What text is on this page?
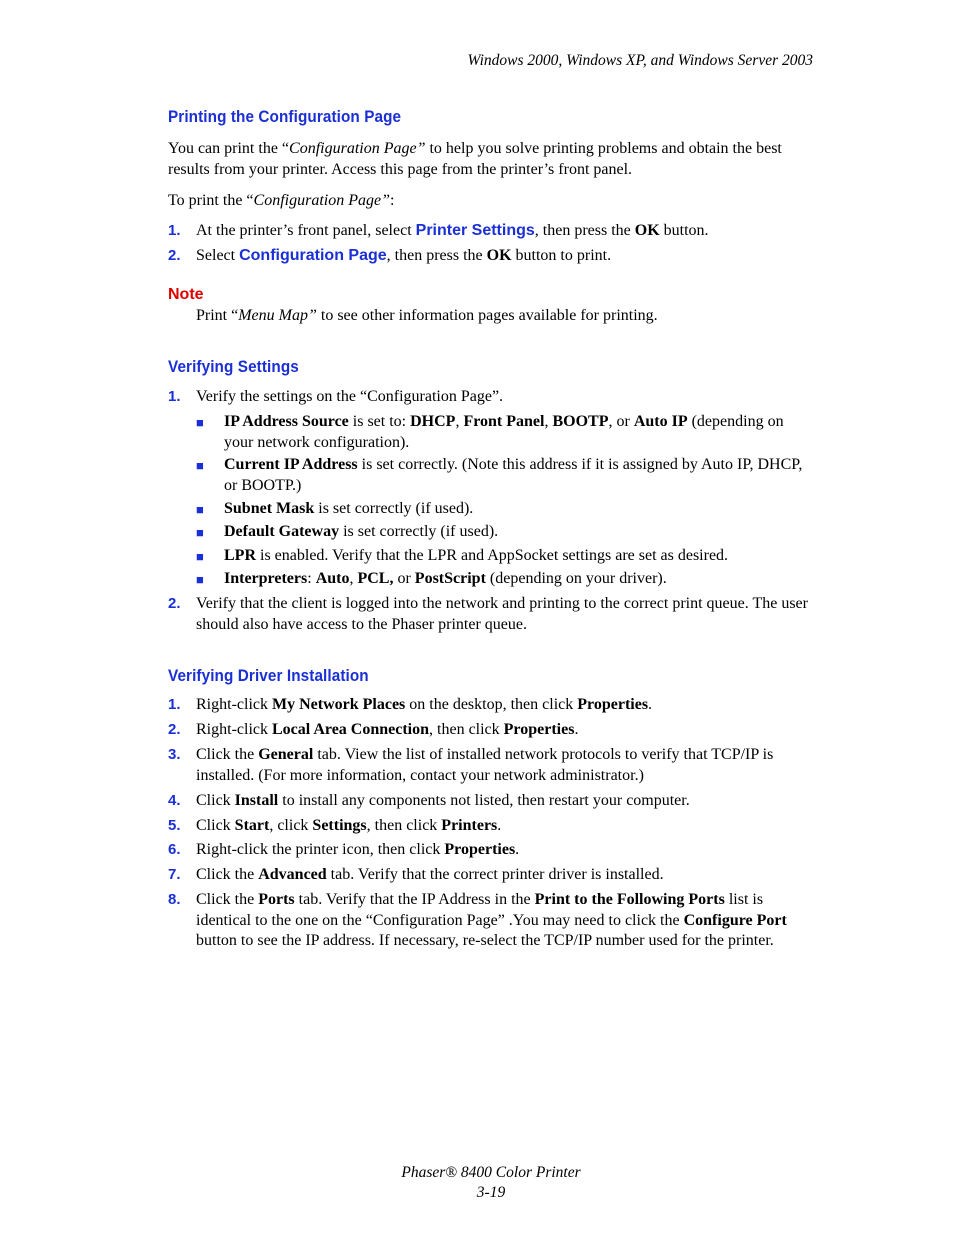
Windows 2000, Windows XP, and Windows Server 2003
Printing the Configuration Page
You can print the “Configuration Page” to help you solve printing problems and obtain the best results from your printer. Access this page from the printer’s front panel.
To print the “Configuration Page”:
1. At the printer’s front panel, select Printer Settings, then press the OK button.
2. Select Configuration Page, then press the OK button to print.
Note
Print “Menu Map” to see other information pages available for printing.
Verifying Settings
1. Verify the settings on the “Configuration Page”.
■ IP Address Source is set to: DHCP, Front Panel, BOOTP, or Auto IP (depending on your network configuration).
■ Current IP Address is set correctly. (Note this address if it is assigned by Auto IP, DHCP, or BOOTP.)
■ Subnet Mask is set correctly (if used).
■ Default Gateway is set correctly (if used).
■ LPR is enabled. Verify that the LPR and AppSocket settings are set as desired.
■ Interpreters: Auto, PCL, or PostScript (depending on your driver).
2. Verify that the client is logged into the network and printing to the correct print queue. The user should also have access to the Phaser printer queue.
Verifying Driver Installation
1. Right-click My Network Places on the desktop, then click Properties.
2. Right-click Local Area Connection, then click Properties.
3. Click the General tab. View the list of installed network protocols to verify that TCP/IP is installed. (For more information, contact your network administrator.)
4. Click Install to install any components not listed, then restart your computer.
5. Click Start, click Settings, then click Printers.
6. Right-click the printer icon, then click Properties.
7. Click the Advanced tab. Verify that the correct printer driver is installed.
8. Click the Ports tab. Verify that the IP Address in the Print to the Following Ports list is identical to the one on the “Configuration Page” .You may need to click the Configure Port button to see the IP address. If necessary, re-select the TCP/IP number used for the printer.
Phaser® 8400 Color Printer
3-19
